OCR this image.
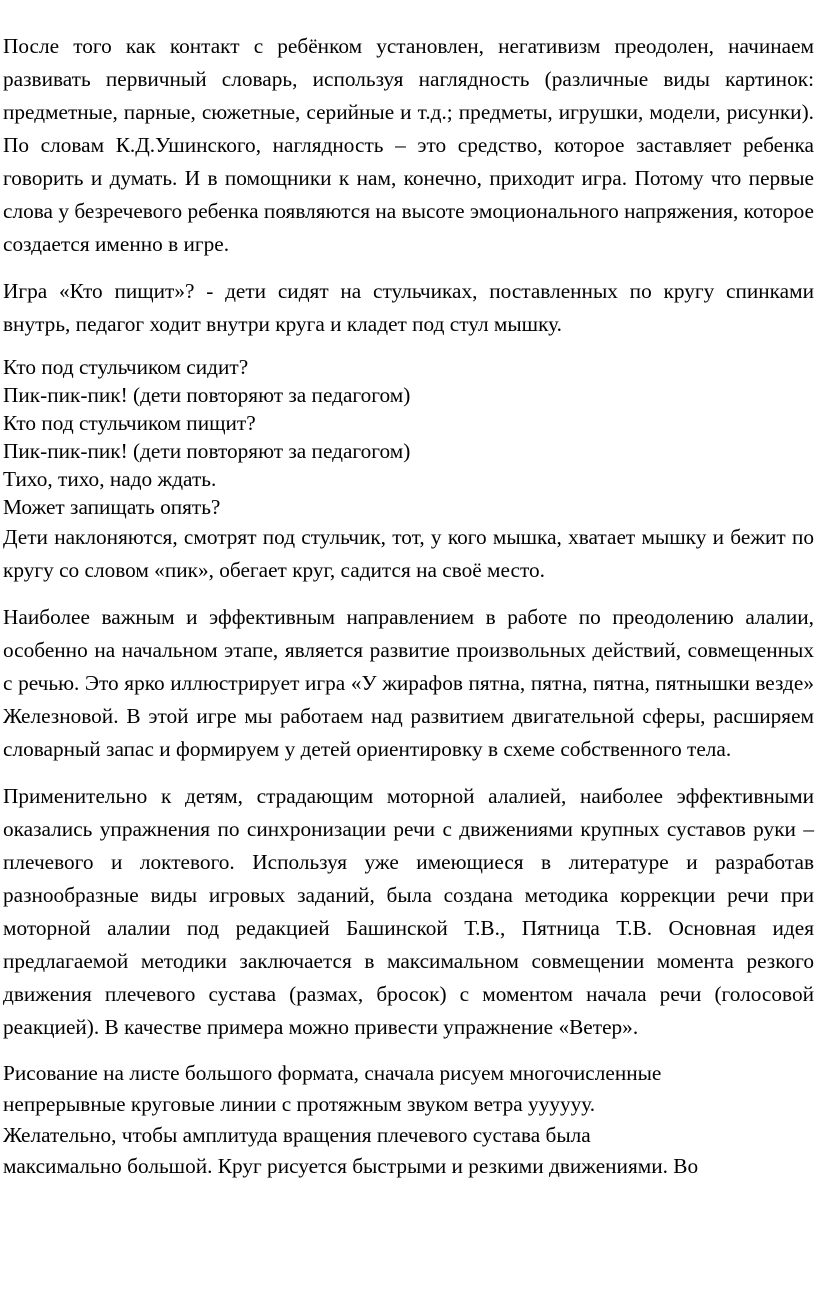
После того как контакт с ребёнком установлен, негативизм преодолен, начинаем развивать первичный словарь, используя наглядность (различные виды картинок: предметные, парные, сюжетные, серийные и т.д.; предметы, игрушки, модели, рисунки). По словам К.Д.Ушинского, наглядность – это средство, которое заставляет ребенка говорить и думать. И в помощники к нам, конечно, приходит игра. Потому что первые слова у безречевого ребенка появляются на высоте эмоционального напряжения, которое создается именно в игре.

Игра «Кто пищит»? - дети сидят на стульчиках, поставленных по кругу спинками внутрь, педагог ходит внутри круга и кладет под стул мышку.

Кто под стульчиком сидит?

Пик-пик-пик! (дети повторяют за педагогом)

Кто под стульчиком пищит?

Пик-пик-пик! (дети повторяют за педагогом)

Тихо, тихо, надо ждать.

Может запищать опять?

Дети наклоняются, смотрят под стульчик, тот, у кого мышка, хватает мышку и бежит по кругу со словом «пик», обегает круг, садится на своё место.

Наиболее важным и эффективным направлением в работе по преодолению алалии, особенно на начальном этапе, является развитие произвольных действий, совмещенных с речью. Это ярко иллюстрирует игра «У жирафов пятна, пятна, пятна, пятнышки везде» Железновой. В этой игре мы работаем над развитием двигательной сферы, расширяем словарный запас и формируем у детей ориентировку в схеме собственного тела.

Применительно к детям, страдающим моторной алалией, наиболее эффективными оказались упражнения по синхронизации речи с движениями крупных суставов руки – плечевого и локтевого. Используя уже имеющиеся в литературе и разработав разнообразные виды игровых заданий, была создана методика коррекции речи при моторной алалии под редакцией Башинской Т.В., Пятница Т.В. Основная идея предлагаемой методики заключается в максимальном совмещении момента резкого движения плечевого сустава (размах, бросок) с моментом начала речи (голосовой реакцией). В качестве примера можно привести упражнение «Ветер».

Рисование на листе большого формата, сначала рисуем многочисленные

непрерывные круговые линии с протяжным звуком ветра уууууу.

Желательно, чтобы амплитуда вращения плечевого сустава была

максимально большой. Круг рисуется быстрыми и резкими движениями. Во
